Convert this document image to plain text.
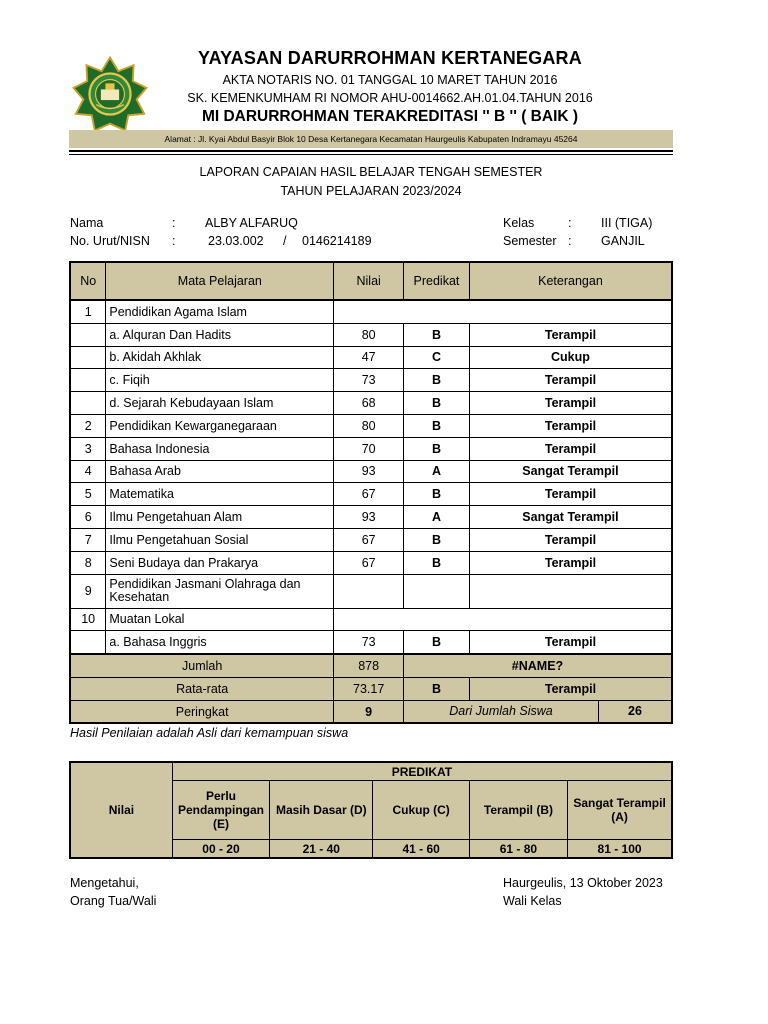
YAYASAN DARURROHMAN KERTANEGARA
AKTA NOTARIS NO. 01 TANGGAL 10 MARET TAHUN 2016
SK. KEMENKUMHAM RI NOMOR AHU-0014662.AH.01.04.TAHUN 2016
MI DARURROHMAN TERAKREDITASI '' B '' ( BAIK )
Alamat : Jl. Kyai Abdul Basyir Blok 10 Desa Kertanegara Kecamatan Haurgeulis Kabupaten Indramayu 45264
LAPORAN CAPAIAN HASIL BELAJAR TENGAH SEMESTER
TAHUN PELAJARAN 2023/2024
Nama	: ALBY ALFARUQ
No. Urut/NISN :	23.03.002 / 0146214189
Kelas	: III (TIGA)
Semester : GANJIL
No	Mata Pelajaran	Nilai	Predikat	Keterangan
1	Pendidikan Agama Islam			
	a. Alquran Dan Hadits	80	B	Terampil
	b. Akidah Akhlak	47	C	Cukup
	c. Fiqih	73	B	Terampil
	d. Sejarah Kebudayaan Islam	68	B	Terampil
2	Pendidikan Kewarganegaraan	80	B	Terampil
3	Bahasa Indonesia	70	B	Terampil
4	Bahasa Arab	93	A	Sangat Terampil
5	Matematika	67	B	Terampil
6	Ilmu Pengetahuan Alam	93	A	Sangat Terampil
7	Ilmu Pengetahuan Sosial	67	B	Terampil
8	Seni Budaya dan Prakarya	67	B	Terampil
9	Pendidikan Jasmani Olahraga dan Kesehatan			
10	Muatan Lokal			
	a. Bahasa Inggris	73	B	Terampil
Jumlah		878	#NAME?	
Rata-rata		73.17	B	Terampil
Peringkat		9	Dari Jumlah Siswa 26	
Hasil Penilaian adalah Asli dari kemampuan siswa
Nilai	PREDIKAT				
	Perlu Pendampingan (E)	Masih Dasar (D)	Cukup (C)	Terampil (B)	Sangat Terampil (A)
	00 - 20	21 - 40	41 - 60	61 - 80	81 - 100
Mengetahui,
Orang Tua/Wali
Haurgeulis, 13 Oktober 2023
Wali Kelas
